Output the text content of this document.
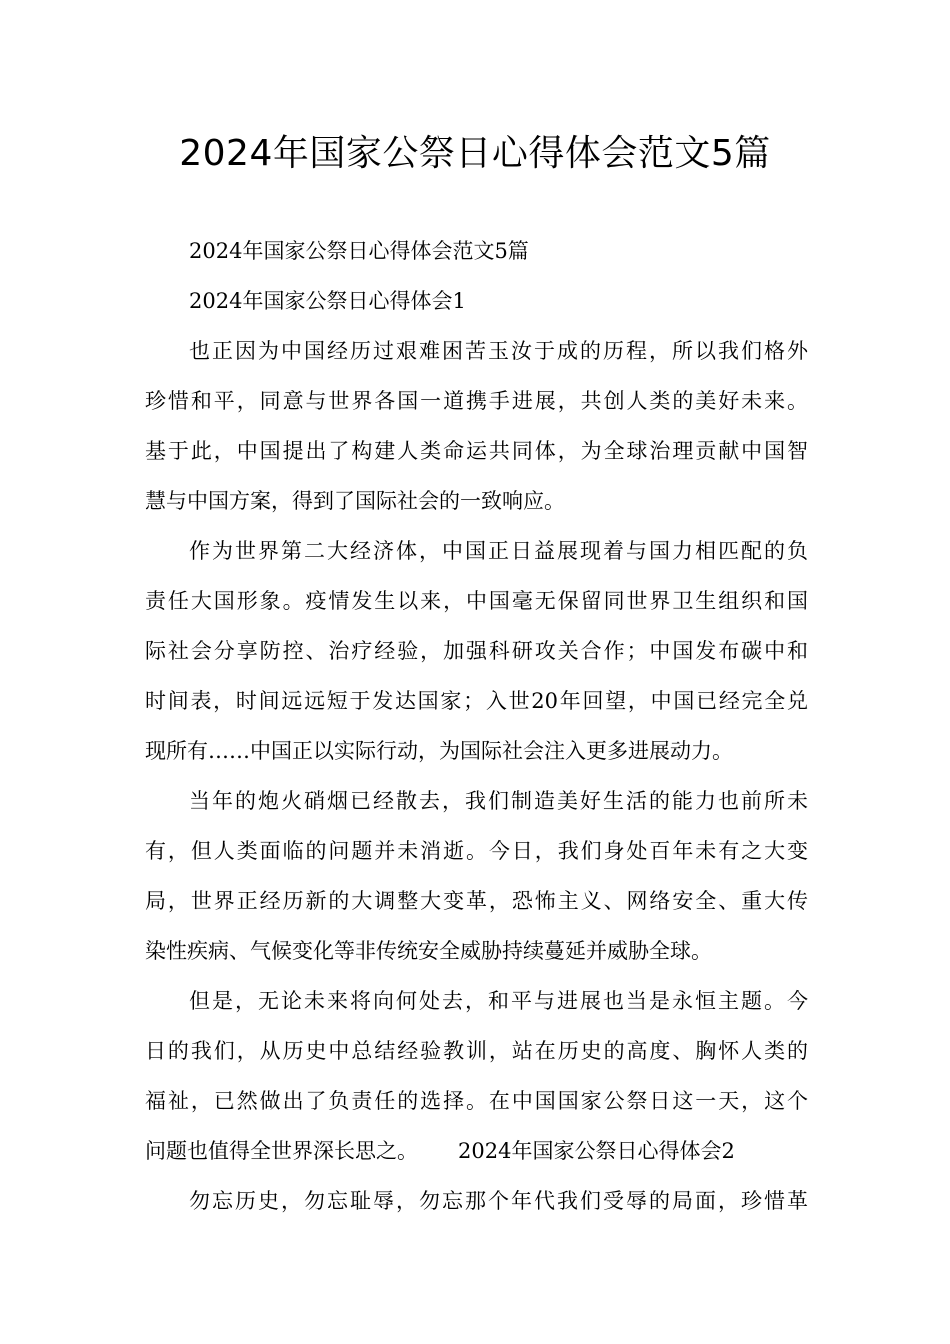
2024年国家公祭日心得体会范文5篇
2024年国家公祭日心得体会范文5篇
2024年国家公祭日心得体会1
也正因为中国经历过艰难困苦玉汝于成的历程，所以我们格外
珍惜和平，同意与世界各国一道携手进展，共创人类的美好未来。
基于此，中国提出了构建人类命运共同体，为全球治理贡献中国智
慧与中国方案，得到了国际社会的一致响应。
作为世界第二大经济体，中国正日益展现着与国力相匹配的负
责任大国形象。疫情发生以来，中国毫无保留同世界卫生组织和国
际社会分享防控、治疗经验，加强科研攻关合作；中国发布碳中和
时间表，时间远远短于发达国家；入世20年回望，中国已经完全兑
现所有……中国正以实际行动，为国际社会注入更多进展动力。
当年的炮火硝烟已经散去，我们制造美好生活的能力也前所未
有，但人类面临的问题并未消逝。今日，我们身处百年未有之大变
局，世界正经历新的大调整大变革，恐怖主义、网络安全、重大传
染性疾病、气候变化等非传统安全威胁持续蔓延并威胁全球。
但是，无论未来将向何处去，和平与进展也当是永恒主题。今
日的我们，从历史中总结经验教训，站在历史的高度、胸怀人类的
福祉，已然做出了负责任的选择。在中国国家公祭日这一天，这个
问题也值得全世界深长思之。 2024年国家公祭日心得体会2
勿忘历史，勿忘耻辱，勿忘那个年代我们受辱的局面，珍惜革
